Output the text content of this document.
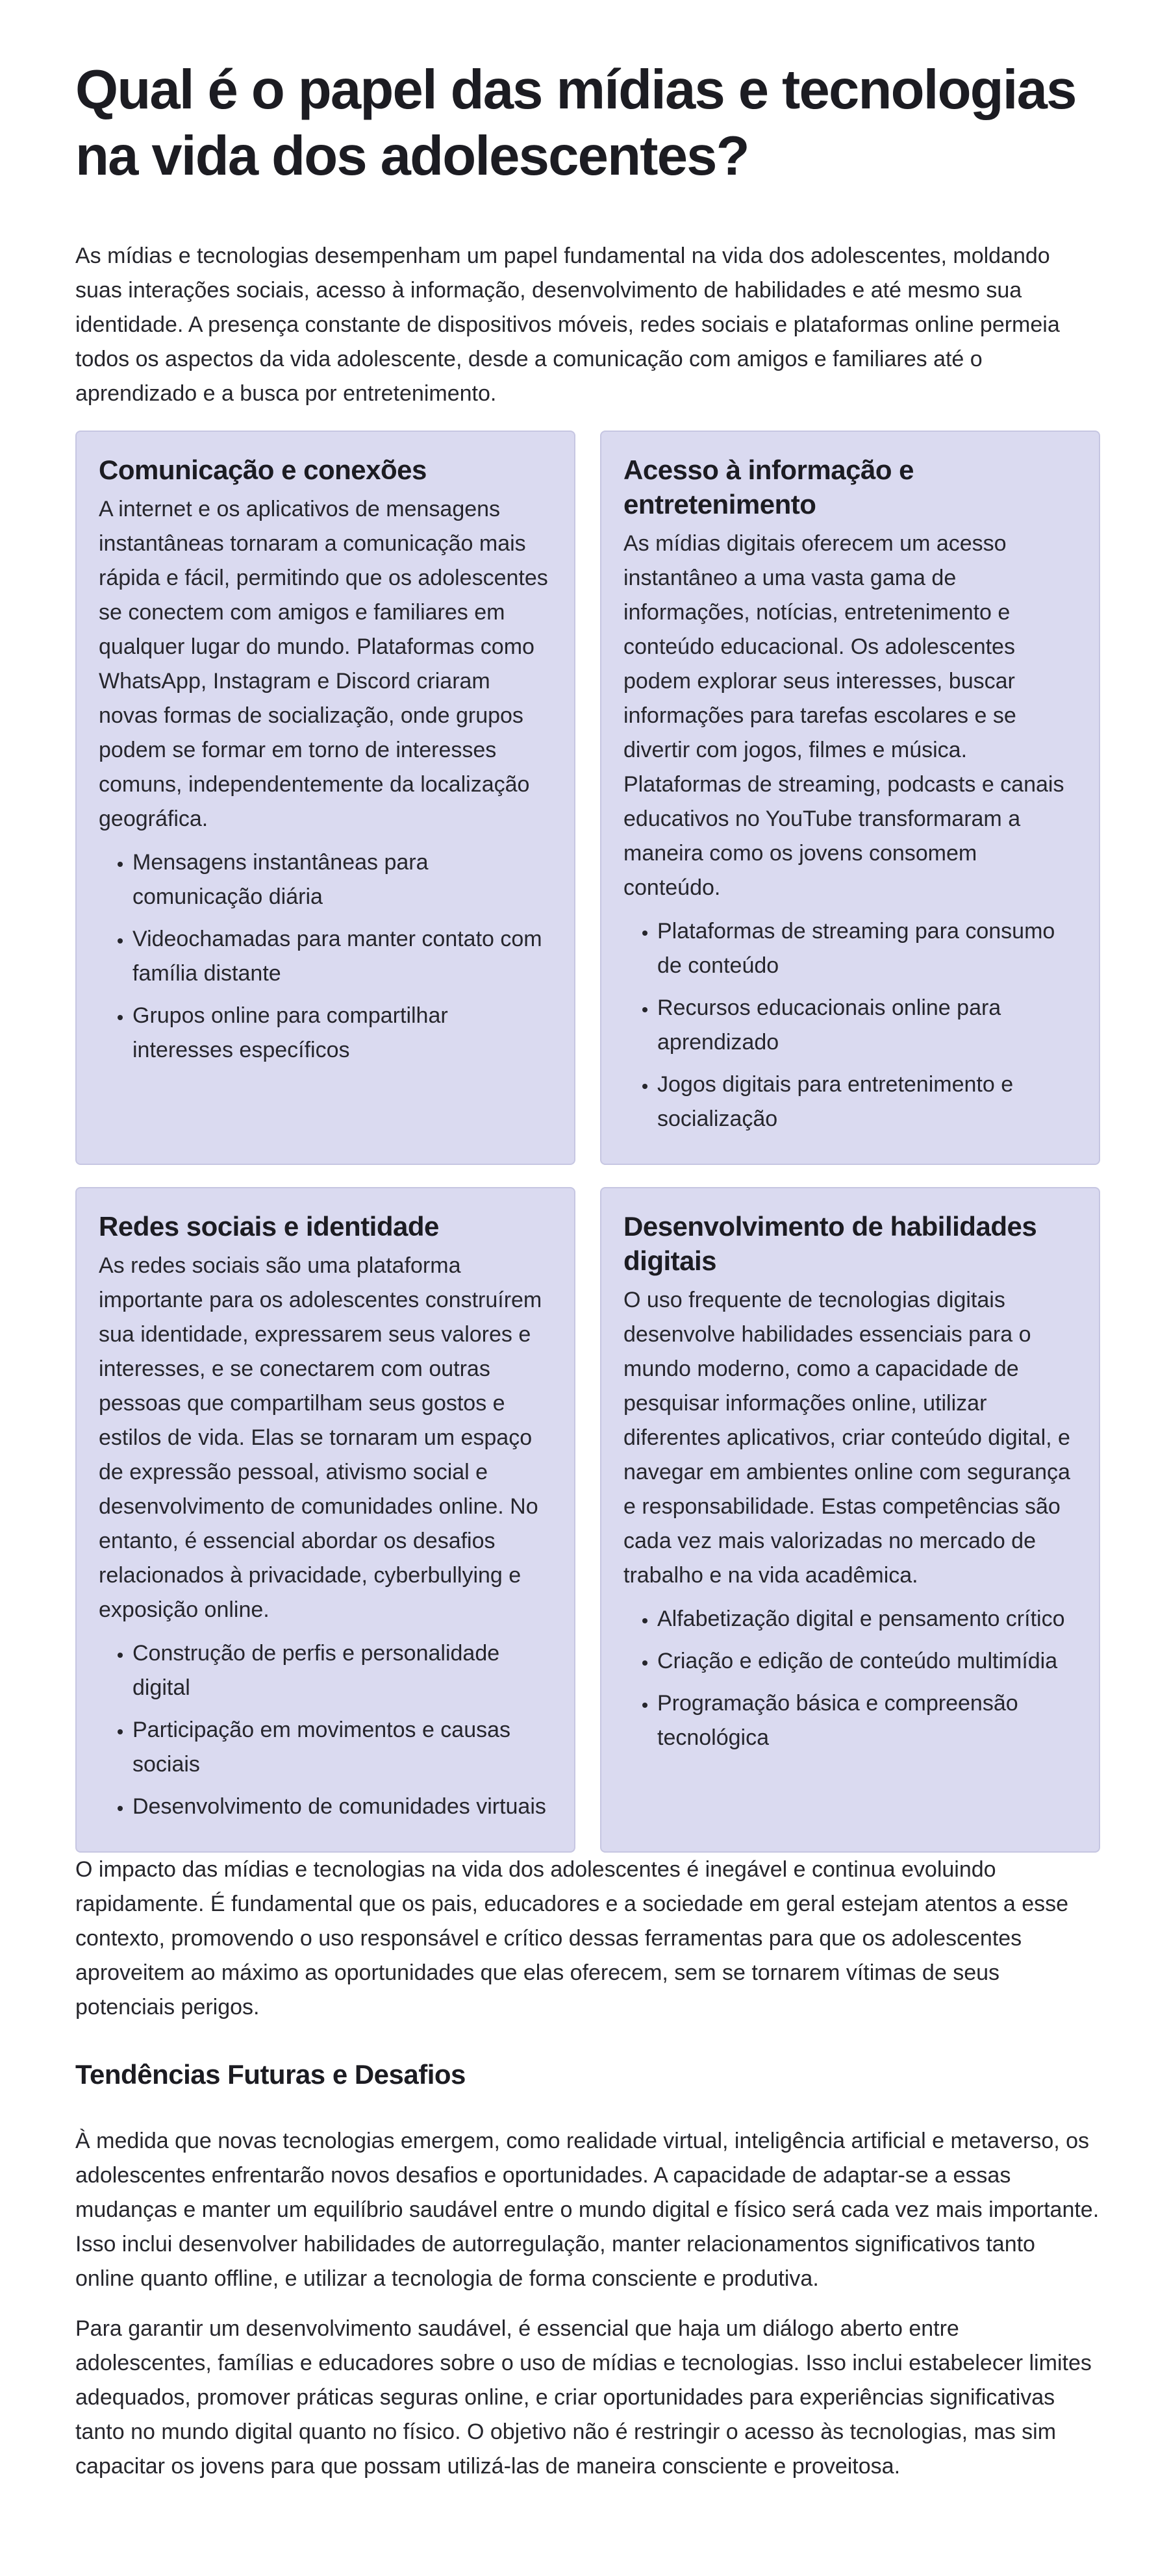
Qual é o papel das mídias e tecnologias na vida dos adolescentes?

As mídias e tecnologias desempenham um papel fundamental na vida dos adolescentes, moldando suas interações sociais, acesso à informação, desenvolvimento de habilidades e até mesmo sua identidade. A presença constante de dispositivos móveis, redes sociais e plataformas online permeia todos os aspectos da vida adolescente, desde a comunicação com amigos e familiares até o aprendizado e a busca por entretenimento.

Comunicação e conexões

A internet e os aplicativos de mensagens instantâneas tornaram a comunicação mais rápida e fácil, permitindo que os adolescentes se conectem com amigos e familiares em qualquer lugar do mundo. Plataformas como WhatsApp, Instagram e Discord criaram novas formas de socialização, onde grupos podem se formar em torno de interesses comuns, independentemente da localização geográfica.

• Mensagens instantâneas para comunicação diária
• Videochamadas para manter contato com família distante
• Grupos online para compartilhar interesses específicos
Acesso à informação e entretenimento

As mídias digitais oferecem um acesso instantâneo a uma vasta gama de informações, notícias, entretenimento e conteúdo educacional. Os adolescentes podem explorar seus interesses, buscar informações para tarefas escolares e se divertir com jogos, filmes e música. Plataformas de streaming, podcasts e canais educativos no YouTube transformaram a maneira como os jovens consomem conteúdo.

• Plataformas de streaming para consumo de conteúdo
• Recursos educacionais online para aprendizado
• Jogos digitais para entretenimento e socialização
Redes sociais e identidade

As redes sociais são uma plataforma importante para os adolescentes construírem sua identidade, expressarem seus valores e interesses, e se conectarem com outras pessoas que compartilham seus gostos e estilos de vida. Elas se tornaram um espaço de expressão pessoal, ativismo social e desenvolvimento de comunidades online. No entanto, é essencial abordar os desafios relacionados à privacidade, cyberbullying e exposição online.

• Construção de perfis e personalidade digital
• Participação em movimentos e causas sociais
• Desenvolvimento de comunidades virtuais
Desenvolvimento de habilidades digitais

O uso frequente de tecnologias digitais desenvolve habilidades essenciais para o mundo moderno, como a capacidade de pesquisar informações online, utilizar diferentes aplicativos, criar conteúdo digital, e navegar em ambientes online com segurança e responsabilidade. Estas competências são cada vez mais valorizadas no mercado de trabalho e na vida acadêmica.

• Alfabetização digital e pensamento crítico
• Criação e edição de conteúdo multimídia
• Programação básica e compreensão tecnológica

O impacto das mídias e tecnologias na vida dos adolescentes é inegável e continua evoluindo rapidamente. É fundamental que os pais, educadores e a sociedade em geral estejam atentos a esse contexto, promovendo o uso responsável e crítico dessas ferramentas para que os adolescentes aproveitem ao máximo as oportunidades que elas oferecem, sem se tornarem vítimas de seus potenciais perigos.

Tendências Futuras e Desafios

À medida que novas tecnologias emergem, como realidade virtual, inteligência artificial e metaverso, os adolescentes enfrentarão novos desafios e oportunidades. A capacidade de adaptar-se a essas mudanças e manter um equilíbrio saudável entre o mundo digital e físico será cada vez mais importante. Isso inclui desenvolver habilidades de autorregulação, manter relacionamentos significativos tanto online quanto offline, e utilizar a tecnologia de forma consciente e produtiva.

Para garantir um desenvolvimento saudável, é essencial que haja um diálogo aberto entre adolescentes, famílias e educadores sobre o uso de mídias e tecnologias. Isso inclui estabelecer limites adequados, promover práticas seguras online, e criar oportunidades para experiências significativas tanto no mundo digital quanto no físico. O objetivo não é restringir o acesso às tecnologias, mas sim capacitar os jovens para que possam utilizá-las de maneira consciente e proveitosa.
